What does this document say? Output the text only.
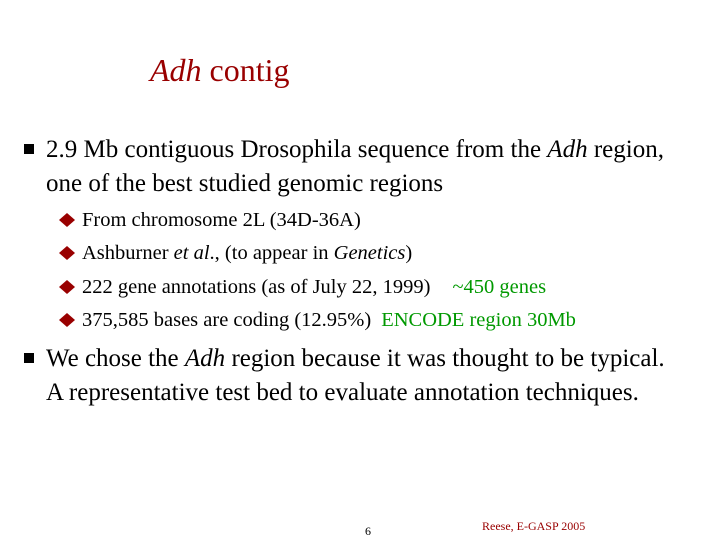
Adh contig
2.9 Mb contiguous Drosophila sequence from the Adh region, one of the best studied genomic regions
From chromosome 2L (34D-36A)
Ashburner et al., (to appear in Genetics)
222 gene annotations (as of July 22, 1999) ~450 genes
375,585 bases are coding (12.95%) ENCODE region 30Mb
We chose the Adh region because it was thought to be typical. A representative test bed to evaluate annotation techniques.
6	Reese, E-GASP 2005
